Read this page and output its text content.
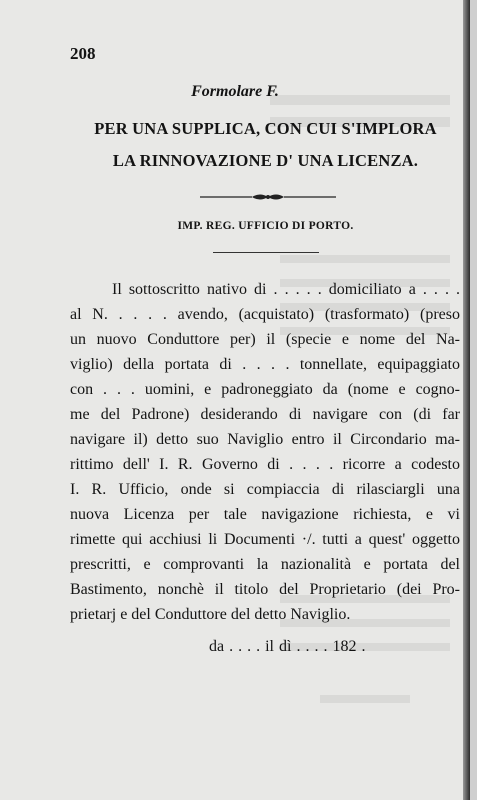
208
Formolare F.
PER UNA SUPPLICA, CON CUI S'IMPLORA
LA RINNOVAZIONE D' UNA LICENZA.
IMP. REG. UFFICIO DI PORTO.
Il sottoscritto nativo di . . . . . domiciliato a . . . .
al N. . . . . avendo, (acquistato) (trasformato) (preso
un nuovo Conduttore per) il (specie e nome del Na-
viglio) della portata di . . . . tonnellate, equipaggiato
con . . . uomini, e padroneggiato da (nome e cogno-
me del Padrone) desiderando di navigare con (di far
navigare il) detto suo Naviglio entro il Circondario ma-
rittimo dell' I. R. Governo di . . . . ricorre a codesto
I. R. Ufficio, onde si compiaccia di rilasciargli una
nuova Licenza per tale navigazione richiesta, e vi
rimette qui acchiusi li Documenti ·/. tutti a quest' oggetto
prescritti, e comprovanti la nazionalità e portata del
Bastimento, nonchè il titolo del Proprietario (dei Pro-
prietarj e del Conduttore del detto Naviglio.
da . . . . il dì . . . . 182 .
